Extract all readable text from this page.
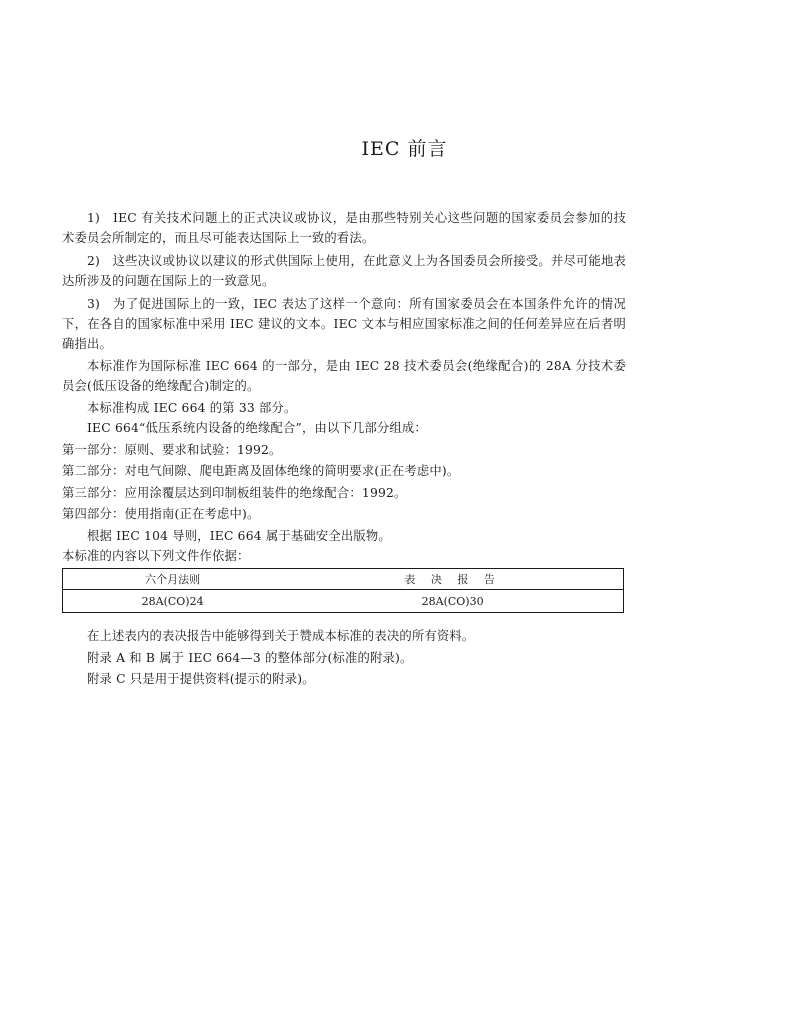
IEC 前言
1)　IEC 有关技术问题上的正式决议或协议，是由那些特别关心这些问题的国家委员会参加的技术委员会所制定的，而且尽可能表达国际上一致的看法。
2)　这些决议或协议以建议的形式供国际上使用，在此意义上为各国委员会所接受。并尽可能地表达所涉及的问题在国际上的一致意见。
3)　为了促进国际上的一致，IEC 表达了这样一个意向：所有国家委员会在本国条件允许的情况下，在各自的国家标准中采用 IEC 建议的文本。IEC 文本与相应国家标准之间的任何差异应在后者明确指出。
本标准作为国际标准 IEC 664 的一部分，是由 IEC 28 技术委员会(绝缘配合)的 28A 分技术委员会(低压设备的绝缘配合)制定的。
本标准构成 IEC 664 的第 33 部分。
IEC 664“低压系统内设备的绝缘配合”，由以下几部分组成：
第一部分：原则、要求和试验：1992。
第二部分：对电气间隙、爬电距离及固体绝缘的简明要求(正在考虑中)。
第三部分：应用涂覆层达到印制板组装件的绝缘配合：1992。
第四部分：使用指南(正在考虑中)。
根据 IEC 104 导则，IEC 664 属于基础安全出版物。
本标准的内容以下列文件作依据：
六个月法则	表 决 报 告
28A(CO)24	28A(CO)30
在上述表内的表决报告中能够得到关于赞成本标准的表决的所有资料。
附录 A 和 B 属于 IEC 664—3 的整体部分(标准的附录)。
附录 C 只是用于提供资料(提示的附录)。
